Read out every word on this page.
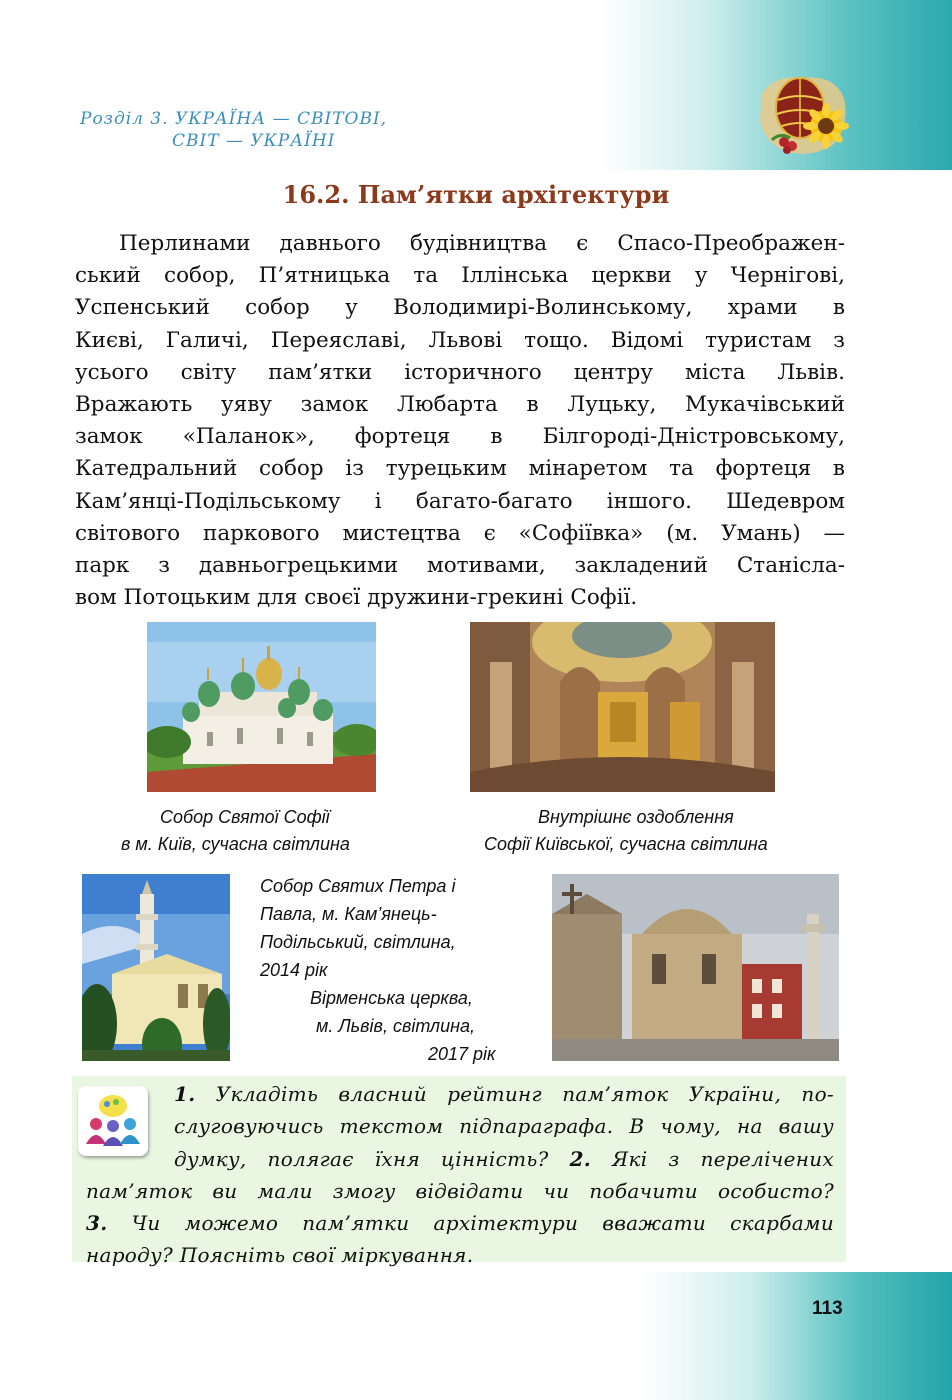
Розділ 3. УКРАЇНА — СВІТОВІ,
СВІТ — УКРАЇНІ
16.2. Пам’ятки архітектури
Перлинами давнього будівництва є Спасо-Преображен-
ський собор, П’ятницька та Іллінська церкви у Чернігові,
Успенський собор у Володимирі-Волинському, храми в
Києві, Галичі, Переяславі, Львові тощо. Відомі туристам з
усього світу пам’ятки історичного центру міста Львів.
Вражають уяву замок Любарта в Луцьку, Мукачівський
замок «Паланок», фортеця в Білгороді-Дністровському,
Катедральний собор із турецьким мінаретом та фортеця в
Кам’янці-Подільському і багато-багато іншого. Шедевром
світового паркового мистецтва є «Софіївка» (м. Умань) —
парк з давньогрецькими мотивами, закладений Станісла-
вом Потоцьким для своєї дружини-грекині Софії.
Собор Святої Софії
в м. Київ, сучасна світлина
Внутрішнє оздоблення
Софії Київської, сучасна світлина
Собор Святих Петра і
Павла, м. Кам’янець-
Подільський, світлина,
2014 рік
Вірменська церква,
м. Львів, світлина,
2017 рік
1. Укладіть власний рейтинг пам’яток України, по-
слуговуючись текстом підпараграфа. В чому, на вашу
думку, полягає їхня цінність? 2. Які з перелічених
пам’яток ви мали змогу відвідати чи побачити особисто?
3. Чи можемо пам’ятки архітектури вважати скарбами
народу? Поясніть свої міркування.
113
